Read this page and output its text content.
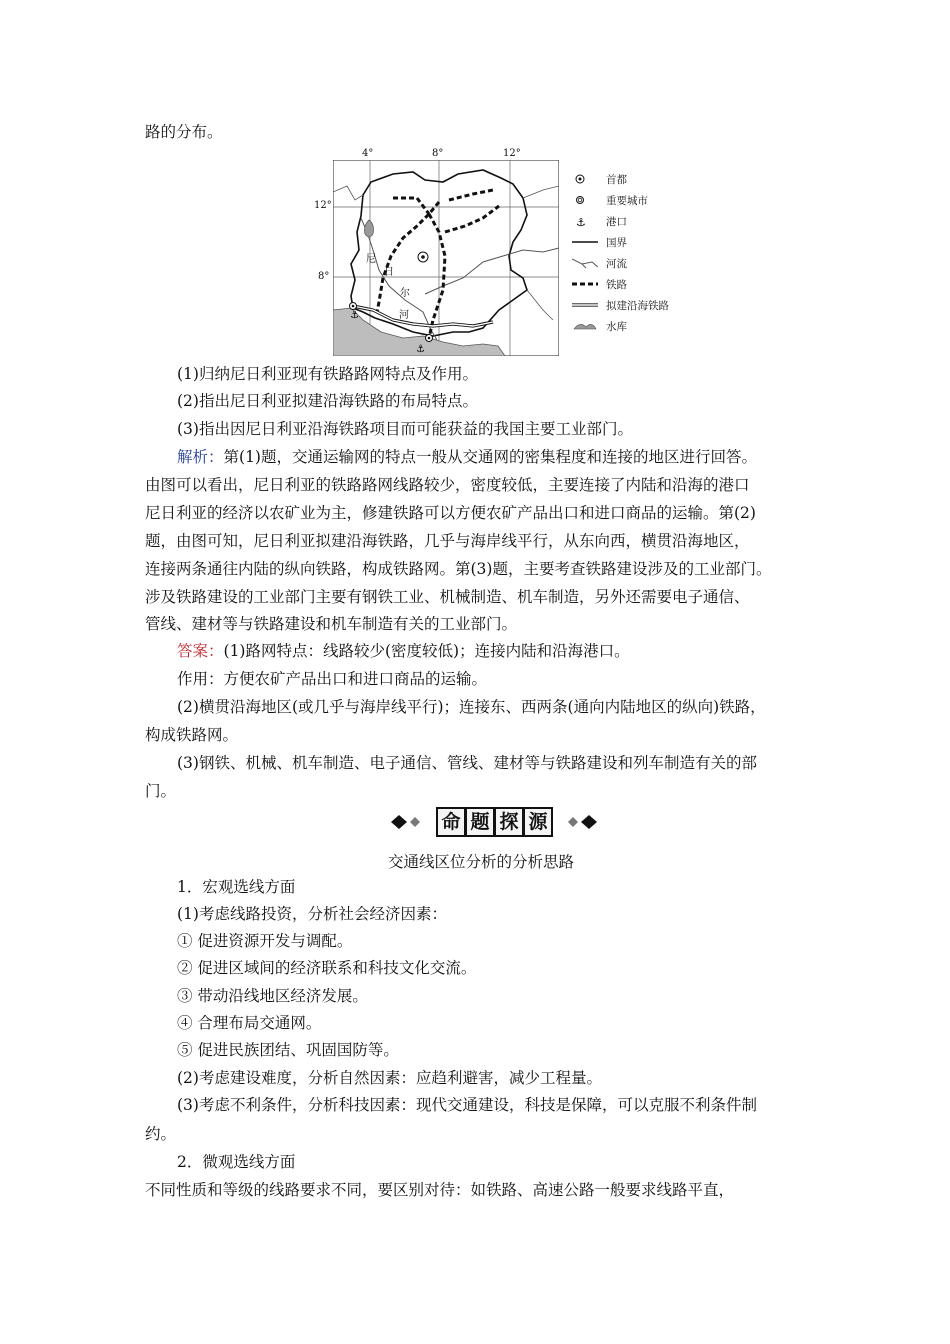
路的分布。
⚓
⚓
4°	8°	12°
12°
8°
尼
日
尔
河
首都
重要城市
⚓ 港口
国界
河流
铁路
拟建沿海铁路
水库
(1)归纳尼日利亚现有铁路路网特点及作用。
(2)指出尼日利亚拟建沿海铁路的布局特点。
(3)指出因尼日利亚沿海铁路项目而可能获益的我国主要工业部门。
解析：第(1)题，交通运输网的特点一般从交通网的密集程度和连接的地区进行回答。
由图可以看出，尼日利亚的铁路路网线路较少，密度较低，主要连接了内陆和沿海的港口
尼日利亚的经济以农矿业为主，修建铁路可以方便农矿产品出口和进口商品的运输。第(2)
题，由图可知，尼日利亚拟建沿海铁路，几乎与海岸线平行，从东向西，横贯沿海地区，
连接两条通往内陆的纵向铁路，构成铁路网。第(3)题，主要考查铁路建设涉及的工业部门。
涉及铁路建设的工业部门主要有钢铁工业、机械制造、机车制造，另外还需要电子通信、
管线、建材等与铁路建设和机车制造有关的工业部门。
答案：(1)路网特点：线路较少(密度较低)；连接内陆和沿海港口。
作用：方便农矿产品出口和进口商品的运输。
(2)横贯沿海地区(或几乎与海岸线平行)；连接东、西两条(通向内陆地区的纵向)铁路，
构成铁路网。
(3)钢铁、机械、机车制造、电子通信、管线、建材等与铁路建设和列车制造有关的部
门。
命 题 探 源
交通线区位分析的分析思路
1．宏观选线方面
(1)考虑线路投资，分析社会经济因素：
① 促进资源开发与调配。
② 促进区域间的经济联系和科技文化交流。
③ 带动沿线地区经济发展。
④ 合理布局交通网。
⑤ 促进民族团结、巩固国防等。
(2)考虑建设难度，分析自然因素：应趋利避害，减少工程量。
(3)考虑不利条件，分析科技因素：现代交通建设，科技是保障，可以克服不利条件制
约。
2．微观选线方面
不同性质和等级的线路要求不同，要区别对待：如铁路、高速公路一般要求线路平直，
